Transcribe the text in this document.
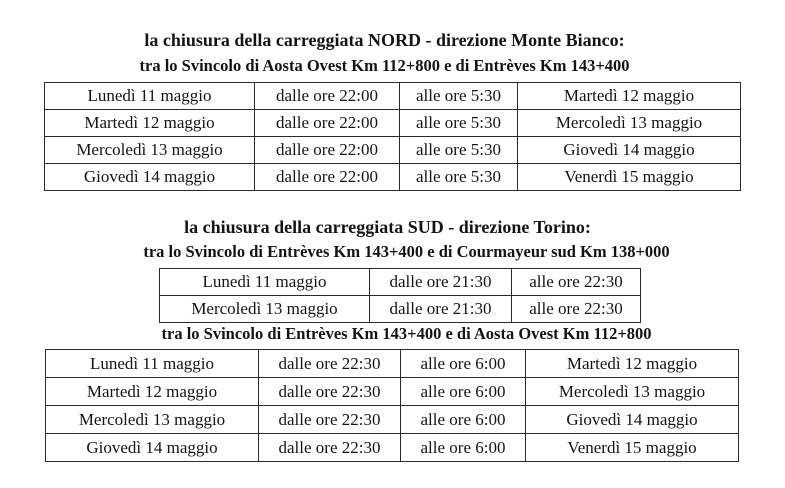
la chiusura della carreggiata NORD - direzione Monte Bianco:
tra lo Svincolo di Aosta Ovest Km 112+800 e di Entrèves Km 143+400
Lunedì 11 maggio	dalle ore 22:00	alle ore 5:30	Martedì 12 maggio
Martedì 12 maggio	dalle ore 22:00	alle ore 5:30	Mercoledì 13 maggio
Mercoledì 13 maggio	dalle ore 22:00	alle ore 5:30	Giovedì 14 maggio
Giovedì 14 maggio	dalle ore 22:00	alle ore 5:30	Venerdì 15 maggio
la chiusura della carreggiata SUD - direzione Torino:
tra lo Svincolo di Entrèves Km 143+400 e di Courmayeur sud Km 138+000
Lunedì 11 maggio	dalle ore 21:30	alle ore 22:30
Mercoledì 13 maggio	dalle ore 21:30	alle ore 22:30
tra lo Svincolo di Entrèves Km 143+400 e di Aosta Ovest Km 112+800
Lunedì 11 maggio	dalle ore 22:30	alle ore 6:00	Martedì 12 maggio
Martedì 12 maggio	dalle ore 22:30	alle ore 6:00	Mercoledì 13 maggio
Mercoledì 13 maggio	dalle ore 22:30	alle ore 6:00	Giovedì 14 maggio
Giovedì 14 maggio	dalle ore 22:30	alle ore 6:00	Venerdì 15 maggio
